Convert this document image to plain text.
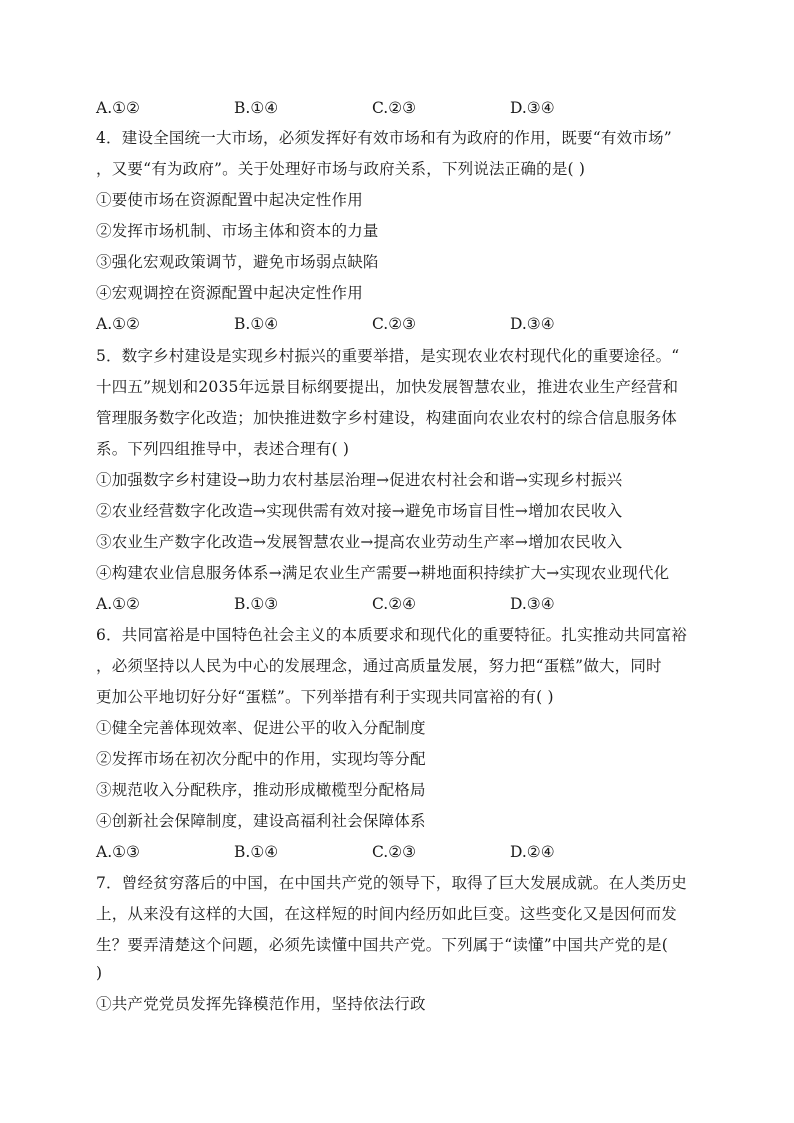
A.①②	B.①④	C.②③	D.③④
4．建设全国统一大市场，必须发挥好有效市场和有为政府的作用，既要“有效市场”
，又要“有为政府”。关于处理好市场与政府关系，下列说法正确的是( )
①要使市场在资源配置中起决定性作用
②发挥市场机制、市场主体和资本的力量
③强化宏观政策调节，避免市场弱点缺陷
④宏观调控在资源配置中起决定性作用
A.①②	B.①④	C.②③	D.③④
5．数字乡村建设是实现乡村振兴的重要举措，是实现农业农村现代化的重要途径。“
十四五”规划和2035年远景目标纲要提出，加快发展智慧农业，推进农业生产经营和
管理服务数字化改造；加快推进数字乡村建设，构建面向农业农村的综合信息服务体
系。下列四组推导中，表述合理有( )
①加强数字乡村建设→助力农村基层治理→促进农村社会和谐→实现乡村振兴
②农业经营数字化改造→实现供需有效对接→避免市场盲目性→增加农民收入
③农业生产数字化改造→发展智慧农业→提高农业劳动生产率→增加农民收入
④构建农业信息服务体系→满足农业生产需要→耕地面积持续扩大→实现农业现代化
A.①②	B.①③	C.②④	D.③④
6．共同富裕是中国特色社会主义的本质要求和现代化的重要特征。扎实推动共同富裕
，必须坚持以人民为中心的发展理念，通过高质量发展，努力把“蛋糕”做大，同时
更加公平地切好分好“蛋糕”。下列举措有利于实现共同富裕的有( )
①健全完善体现效率、促进公平的收入分配制度
②发挥市场在初次分配中的作用，实现均等分配
③规范收入分配秩序，推动形成橄榄型分配格局
④创新社会保障制度，建设高福利社会保障体系
A.①③	B.①④	C.②③	D.②④
7．曾经贫穷落后的中国，在中国共产党的领导下，取得了巨大发展成就。在人类历史
上，从来没有这样的大国，在这样短的时间内经历如此巨变。这些变化又是因何而发
生？要弄清楚这个问题，必须先读懂中国共产党。下列属于“读懂”中国共产党的是(
)
①共产党党员发挥先锋模范作用，坚持依法行政
